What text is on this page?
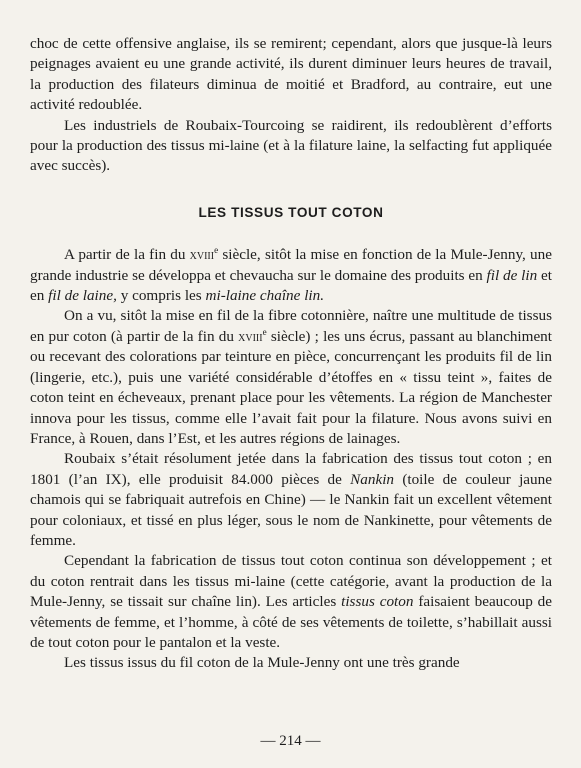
choc de cette offensive anglaise, ils se remirent; cependant, alors que jusque-là leurs peignages avaient eu une grande activité, ils durent diminuer leurs heures de travail, la production des filateurs diminua de moitié et Bradford, au contraire, eut une activité redoublée.

Les industriels de Roubaix-Tourcoing se raidirent, ils redoublèrent d’efforts pour la production des tissus mi-laine (et à la filature laine, la selfacting fut appliquée avec succès).

LES TISSUS TOUT COTON

A partir de la fin du xviii$^e$ siècle, sitôt la mise en fonction de la Mule-Jenny, une grande industrie se développa et chevaucha sur le domaine des produits en fil de lin et en fil de laine, y compris les mi-laine chaîne lin.

On a vu, sitôt la mise en fil de la fibre cotonnière, naître une multitude de tissus en pur coton (à partir de la fin du xviii$^e$ siècle) ; les uns écrus, passant au blanchiment ou recevant des colorations par teinture en pièce, concurrençant les produits fil de lin (lingerie, etc.), puis une variété considérable d’étoffes en « tissu teint », faites de coton teint en écheveaux, prenant place pour les vêtements. La région de Manchester innova pour les tissus, comme elle l’avait fait pour la filature. Nous avons suivi en France, à Rouen, dans l’Est, et les autres régions de lainages.

Roubaix s’était résolument jetée dans la fabrication des tissus tout coton ; en 1801 (l’an IX), elle produisit 84.000 pièces de Nankin (toile de couleur jaune chamois qui se fabriquait autrefois en Chine) — le Nankin fait un excellent vêtement pour coloniaux, et tissé en plus léger, sous le nom de Nankinette, pour vêtements de femme.

Cependant la fabrication de tissus tout coton continua son développement ; et du coton rentrait dans les tissus mi-laine (cette catégorie, avant la production de la Mule-Jenny, se tissait sur chaîne lin). Les articles tissus coton faisaient beaucoup de vêtements de femme, et l’homme, à côté de ses vêtements de toilette, s’habillait aussi de tout coton pour le pantalon et la veste.

Les tissus issus du fil coton de la Mule-Jenny ont une très grande

— 214 —
